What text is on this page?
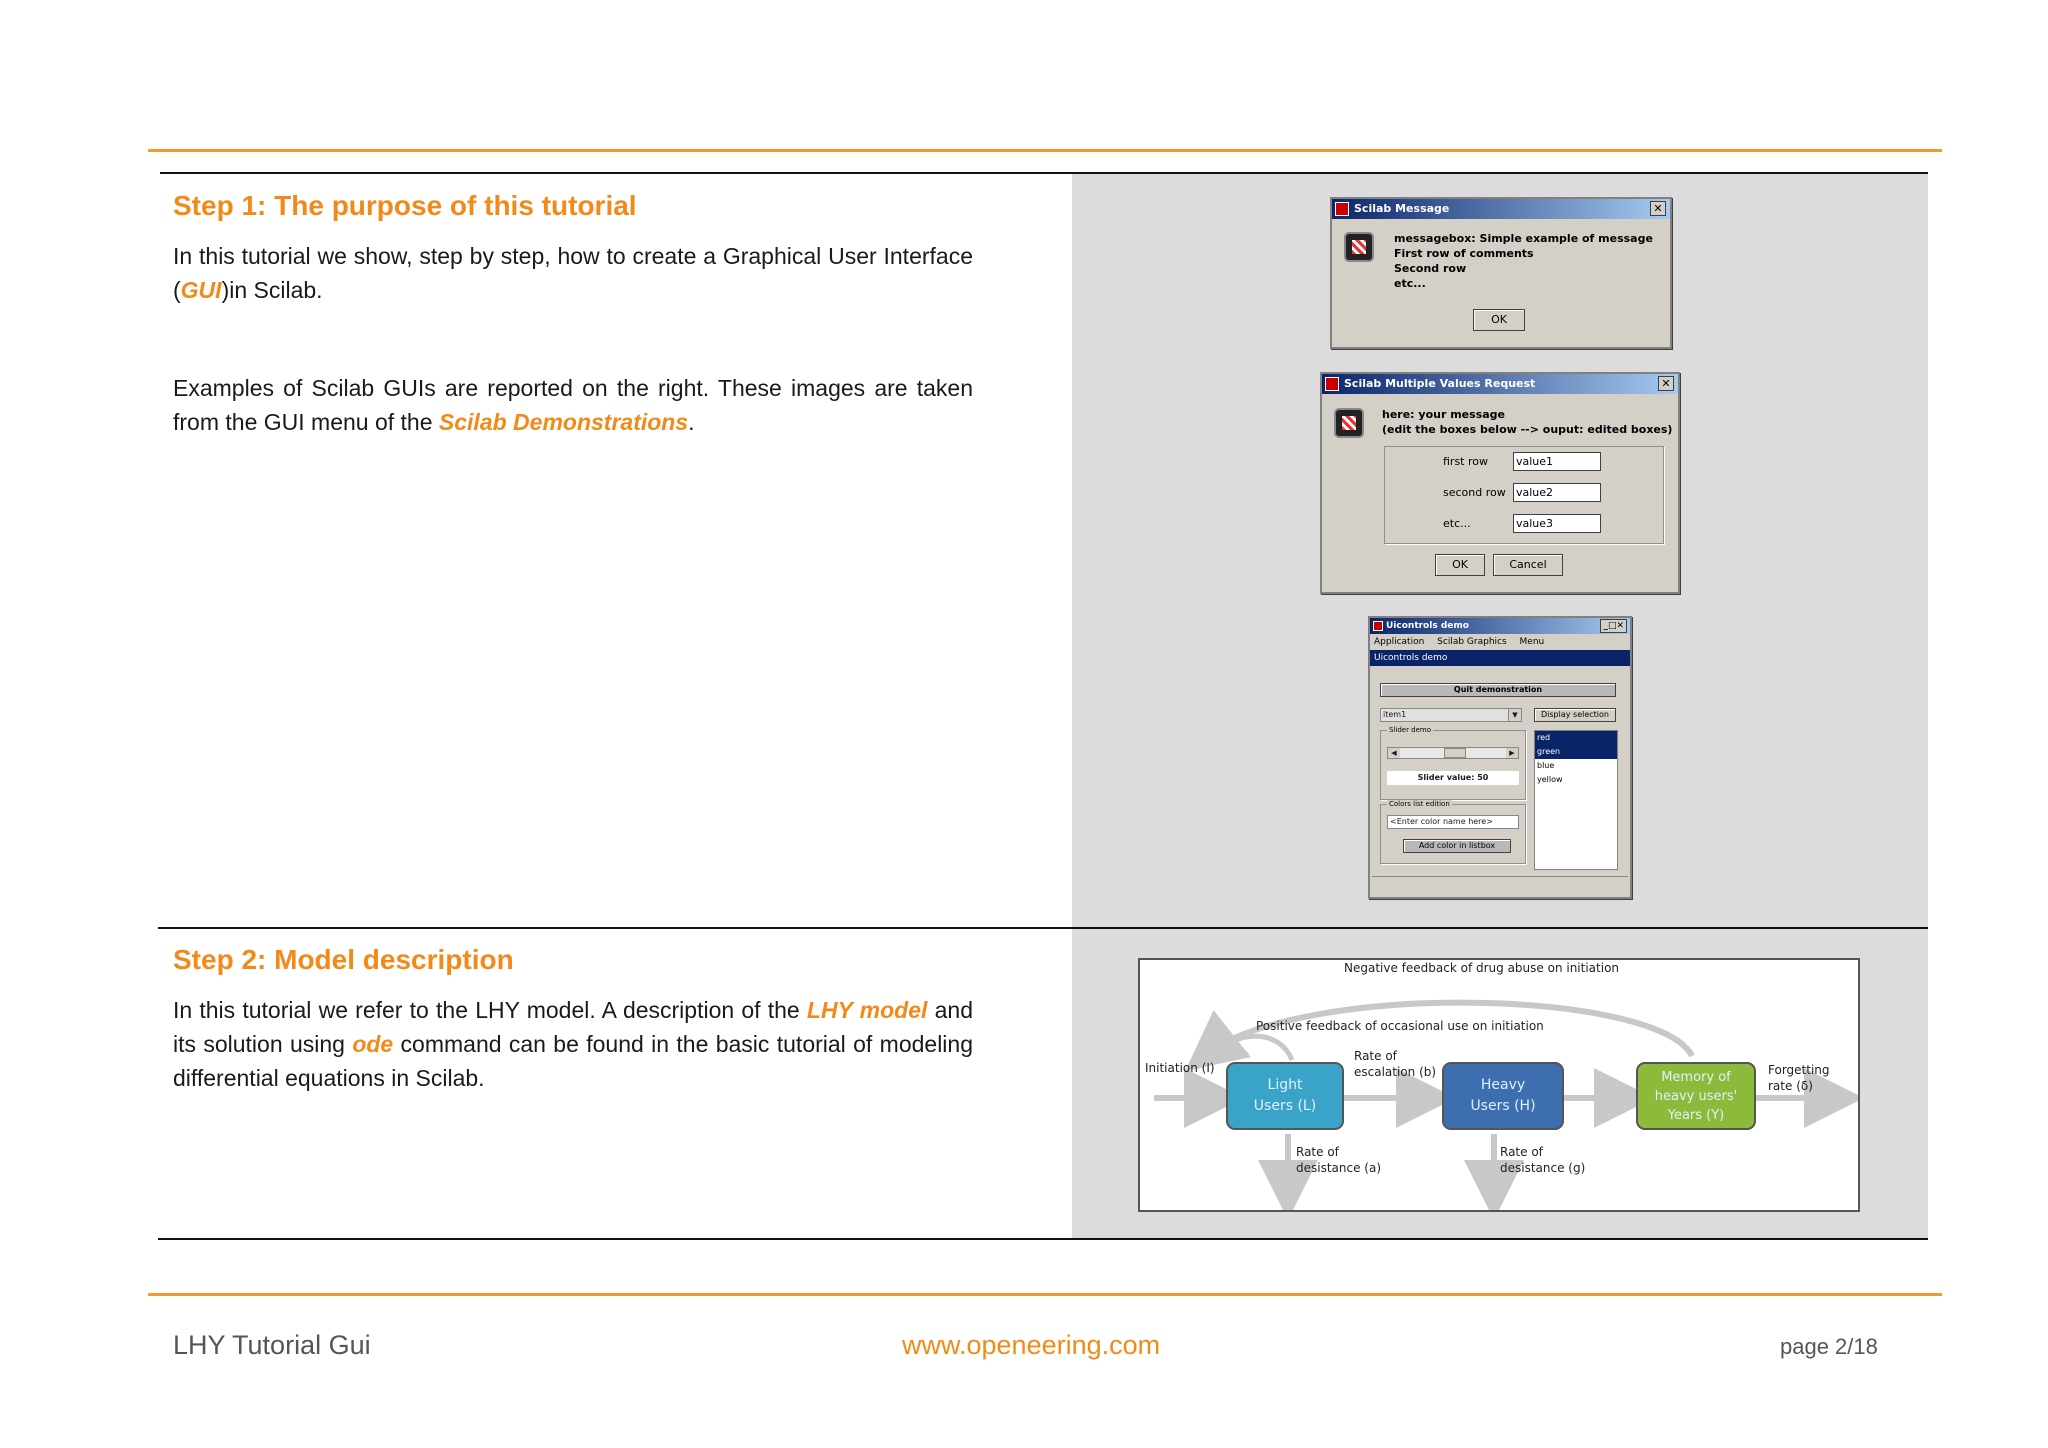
Step 1: The purpose of this tutorial

In this tutorial we show, step by step, how to create a Graphical User Interface (GUI)in Scilab.

Examples of Scilab GUIs are reported on the right. These images are taken from the GUI menu of the Scilab Demonstrations.

Step 2: Model description

In this tutorial we refer to the LHY model. A description of the LHY model and its solution using ode command can be found in the basic tutorial of modeling differential equations in Scilab.

Scilab Message	✕
messagebox: Simple example of message
First row of comments
Second row
etc...
OK
Scilab Multiple Values Request	✕
here: your message
(edit the boxes below --> ouput: edited boxes)
first row	value1
second row value2
etc...	value3
OK	Cancel
Uicontrols demo	_□✕
Application Scilab Graphics Menu
Uicontrols demo
Quit demonstration
item1	▼	Display selection
Slider demo
◀	▶
Slider value: 50
red
green
blue
yellow
Colors list edition
<Enter color name here>
Add color in listbox
Negative feedback of drug abuse on initiation
Positive feedback of occasional use on initiation
Initiation (I)
Rate of
escalation (b)	Forgetting
rate (δ)
Rate of
desistance (a)
Rate of
desistance (g)
Light
Users (L)
Heavy
Users (H)
Memory of
heavy users'
Years (Y)
LHY Tutorial Gui	www.openeering.com	page 2/18
